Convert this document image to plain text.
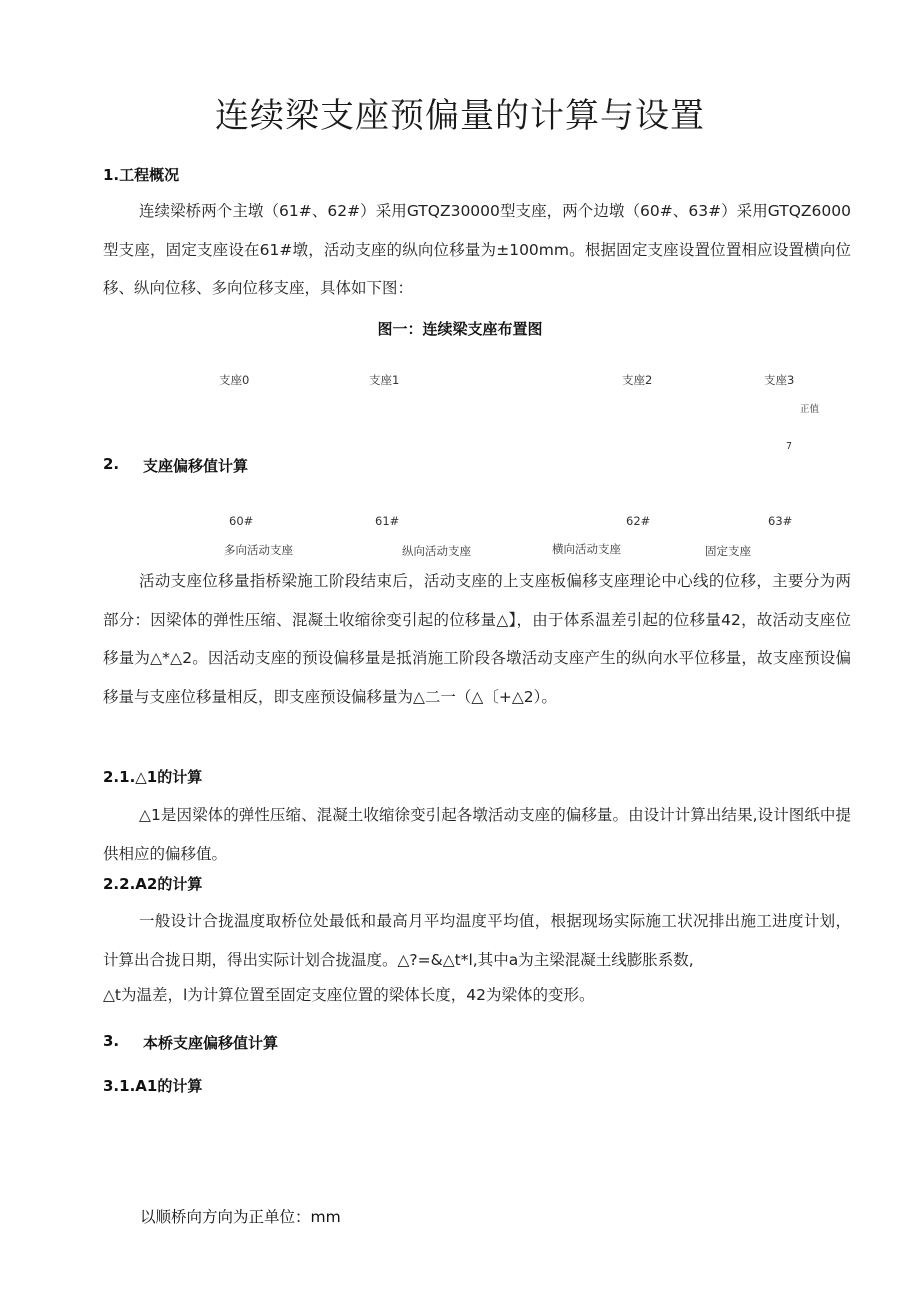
连续梁支座预偏量的计算与设置
1.工程概况
连续梁桥两个主墩（61#、62#）采用GTQZ30000型支座，两个边墩（60#、63#）采用GTQZ6000型支座，固定支座设在61#墩，活动支座的纵向位移量为±100mm。根据固定支座设置位置相应设置横向位移、纵向位移、多向位移支座，具体如下图：
图一：连续梁支座布置图
支座0	支座1	支座2	支座3
正值
7
2. 支座偏移值计算
60#	61#	62#	63#
多向活动支座	纵向活动支座	横向活动支座	固定支座
活动支座位移量指桥梁施工阶段结束后，活动支座的上支座板偏移支座理论中心线的位移，主要分为两部分：因梁体的弹性压缩、混凝土收缩徐变引起的位移量△】，由于体系温差引起的位移量42，故活动支座位移量为△*△2。因活动支座的预设偏移量是抵消施工阶段各墩活动支座产生的纵向水平位移量，故支座预设偏移量与支座位移量相反，即支座预设偏移量为△二一（△〔+△2）。
2.1.△1的计算
△1是因梁体的弹性压缩、混凝土收缩徐变引起各墩活动支座的偏移量。由设计计算出结果,设计图纸中提供相应的偏移值。
2.2.A2的计算
一般设计合拢温度取桥位处最低和最高月平均温度平均值，根据现场实际施工状况排出施工进度计划，计算出合拢日期，得出实际计划合拢温度。△?=&△t*l,其中a为主梁混凝土线膨胀系数,
△t为温差，l为计算位置至固定支座位置的梁体长度，42为梁体的变形。
3. 本桥支座偏移值计算
3.1.A1的计算
以顺桥向方向为正单位：mm
